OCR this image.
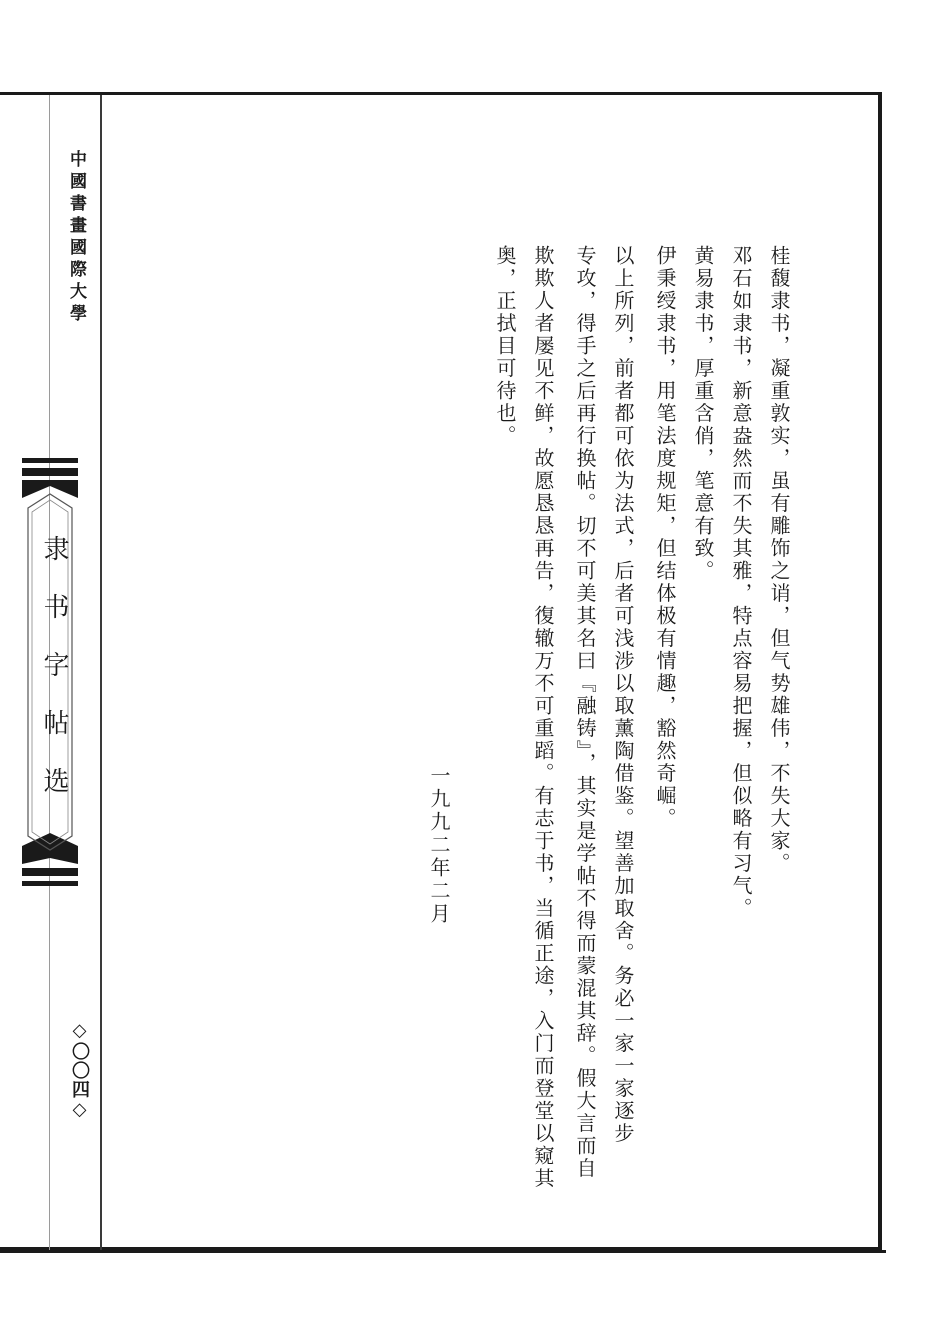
中國書畫國際大學
隶书字帖选
◇〇〇四◇
桂馥隶书，凝重敦实，虽有雕饰之诮，但气势雄伟，不失大家。
邓石如隶书，新意盎然而不失其雅，特点容易把握，但似略有习气。
黄易隶书，厚重含俏，笔意有致。
伊秉绶隶书，用笔法度规矩，但结体极有情趣，豁然奇崛。
以上所列，前者都可依为法式，后者可浅涉以取薰陶借鉴。望善加取舍。务必一家一家逐步
专攻，得手之后再行换帖。切不可美其名曰『融铸』，其实是学帖不得而蒙混其辞。假大言而自
欺欺人者屡见不鲜，故愿恳恳再告，復辙万不可重蹈。有志于书，当循正途，入门而登堂以窥其
奥，正拭目可待也。
一九九二年二月
